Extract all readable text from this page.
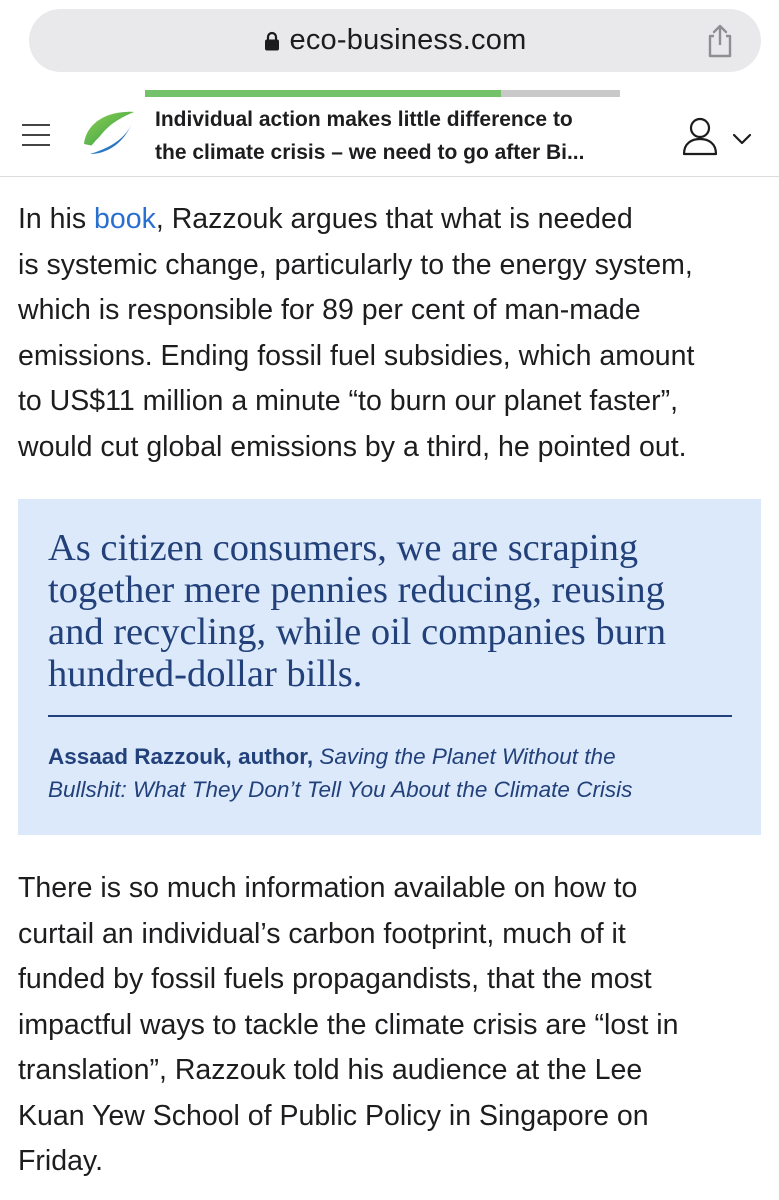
eco-business.com
Individual action makes little difference to
the climate crisis – we need to go after Bi...

In his book, Razzouk argues that what is needed
is systemic change, particularly to the energy system,
which is responsible for 89 per cent of man-made
emissions. Ending fossil fuel subsidies, which amount
to US$11 million a minute “to burn our planet faster”,
would cut global emissions by a third, he pointed out.

As citizen consumers, we are scraping
together mere pennies reducing, reusing
and recycling, while oil companies burn
hundred-dollar bills.

Assaad Razzouk, author, Saving the Planet Without the
Bullshit: What They Don’t Tell You About the Climate Crisis

There is so much information available on how to
curtail an individual’s carbon footprint, much of it
funded by fossil fuels propagandists, that the most
impactful ways to tackle the climate crisis are “lost in
translation”, Razzouk told his audience at the Lee
Kuan Yew School of Public Policy in Singapore on
Friday.
